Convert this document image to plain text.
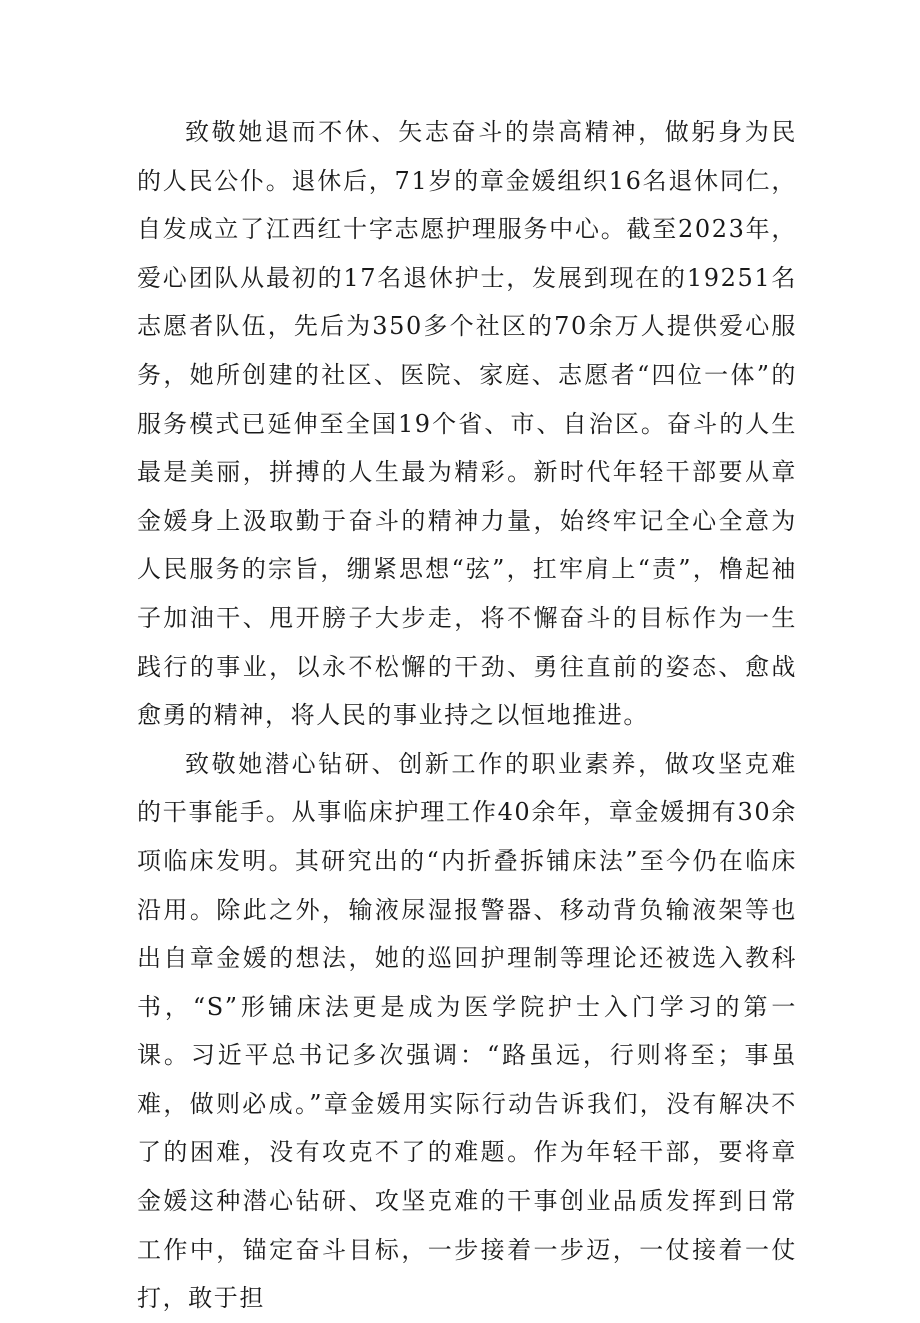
致敬她退而不休、矢志奋斗的崇高精神，做躬身为民的人民公仆。退休后，71岁的章金媛组织16名退休同仁，自发成立了江西红十字志愿护理服务中心。截至2023年，爱心团队从最初的17名退休护士，发展到现在的19251名志愿者队伍，先后为350多个社区的70余万人提供爱心服务，她所创建的社区、医院、家庭、志愿者“四位一体”的服务模式已延伸至全国19个省、市、自治区。奋斗的人生最是美丽，拼搏的人生最为精彩。新时代年轻干部要从章金媛身上汲取勤于奋斗的精神力量，始终牢记全心全意为人民服务的宗旨，绷紧思想“弦”，扛牢肩上“责”，橹起袖子加油干、甩开膀子大步走，将不懈奋斗的目标作为一生践行的事业，以永不松懈的干劲、勇往直前的姿态、愈战愈勇的精神，将人民的事业持之以恒地推进。

致敬她潜心钻研、创新工作的职业素养，做攻坚克难的干事能手。从事临床护理工作40余年，章金媛拥有30余项临床发明。其研究出的“内折叠拆铺床法”至今仍在临床沿用。除此之外，输液尿湿报警器、移动背负输液架等也出自章金媛的想法，她的巡回护理制等理论还被选入教科书，“S”形铺床法更是成为医学院护士入门学习的第一课。习近平总书记多次强调：“路虽远，行则将至；事虽难，做则必成。”章金媛用实际行动告诉我们，没有解决不了的困难，没有攻克不了的难题。作为年轻干部，要将章金媛这种潜心钻研、攻坚克难的干事创业品质发挥到日常工作中，锚定奋斗目标，一步接着一步迈，一仗接着一仗打，敢于担
